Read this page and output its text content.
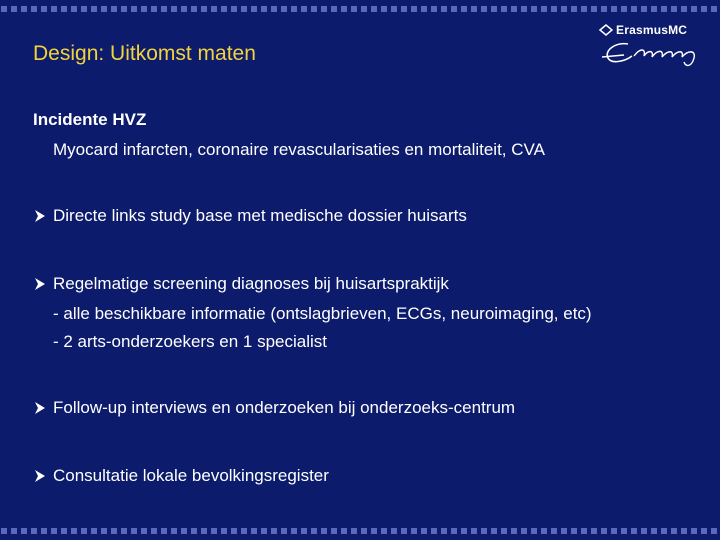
Design: Uitkomst maten
ErasmusMC
Incidente HVZ
Myocard infarcten, coronaire revascularisaties en mortaliteit, CVA
Directe links study base met medische dossier huisarts
Regelmatige screening diagnoses bij huisartspraktijk
- alle beschikbare informatie (ontslagbrieven, ECGs, neuroimaging, etc)
- 2 arts-onderzoekers en 1 specialist
Follow-up interviews en onderzoeken bij onderzoeks-centrum
Consultatie lokale bevolkingsregister
